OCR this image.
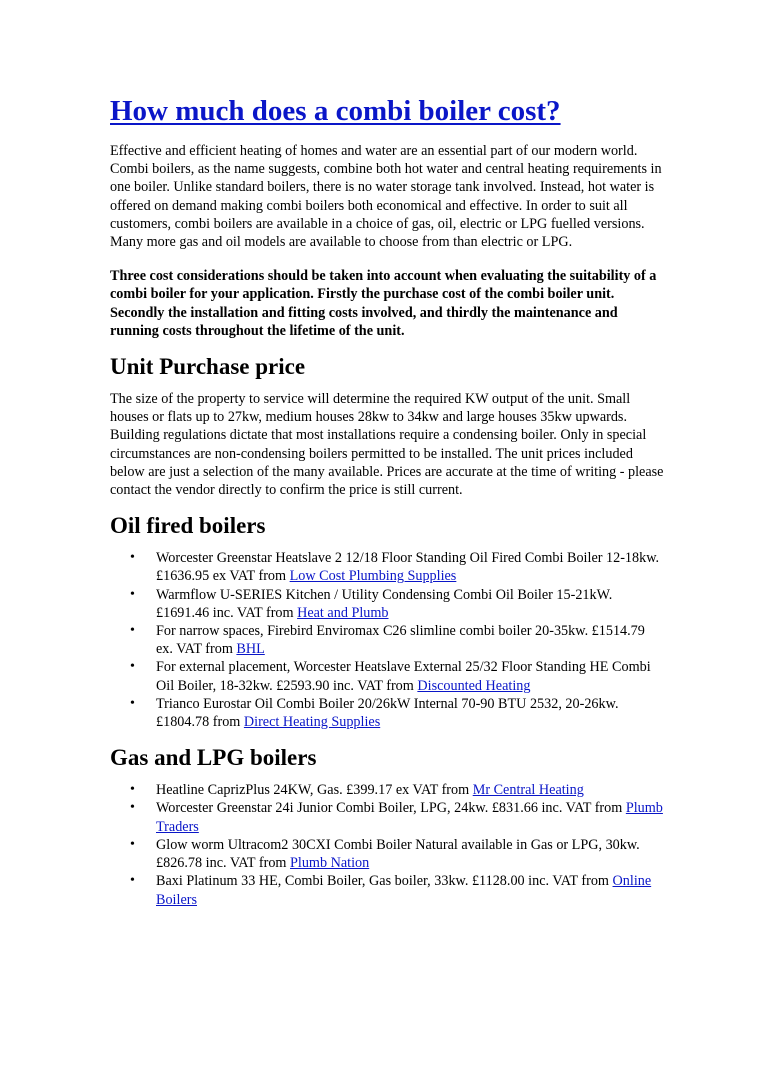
How much does a combi boiler cost?

Effective and efficient heating of homes and water are an essential part of our modern world. Combi boilers, as the name suggests, combine both hot water and central heating requirements in one boiler. Unlike standard boilers, there is no water storage tank involved. Instead, hot water is offered on demand making combi boilers both economical and effective. In order to suit all customers, combi boilers are available in a choice of gas, oil, electric or LPG fuelled versions. Many more gas and oil models are available to choose from than electric or LPG.

Three cost considerations should be taken into account when evaluating the suitability of a combi boiler for your application. Firstly the purchase cost of the combi boiler unit. Secondly the installation and fitting costs involved, and thirdly the maintenance and running costs throughout the lifetime of the unit.

Unit Purchase price

The size of the property to service will determine the required KW output of the unit. Small houses or flats up to 27kw, medium houses 28kw to 34kw and large houses 35kw upwards. Building regulations dictate that most installations require a condensing boiler. Only in special circumstances are non-condensing boilers permitted to be installed. The unit prices included below are just a selection of the many available. Prices are accurate at the time of writing - please contact the vendor directly to confirm the price is still current.

Oil fired boilers
• Worcester Greenstar Heatslave 2 12/18 Floor Standing Oil Fired Combi Boiler 12-18kw. £1636.95 ex VAT from Low Cost Plumbing Supplies
• Warmflow U-SERIES Kitchen / Utility Condensing Combi Oil Boiler 15-21kW. £1691.46 inc. VAT from Heat and Plumb
• For narrow spaces, Firebird Enviromax C26 slimline combi boiler 20-35kw. £1514.79 ex. VAT from BHL
• For external placement, Worcester Heatslave External 25/32 Floor Standing HE Combi Oil Boiler, 18-32kw. £2593.90 inc. VAT from Discounted Heating
• Trianco Eurostar Oil Combi Boiler 20/26kW Internal 70-90 BTU 2532, 20-26kw. £1804.78 from Direct Heating Supplies
Gas and LPG boilers
• Heatline CaprizPlus 24KW, Gas. £399.17 ex VAT from Mr Central Heating
• Worcester Greenstar 24i Junior Combi Boiler, LPG, 24kw. £831.66 inc. VAT from Plumb Traders
• Glow worm Ultracom2 30CXI Combi Boiler Natural available in Gas or LPG, 30kw. £826.78 inc. VAT from Plumb Nation
• Baxi Platinum 33 HE, Combi Boiler, Gas boiler, 33kw. £1128.00 inc. VAT from Online Boilers
